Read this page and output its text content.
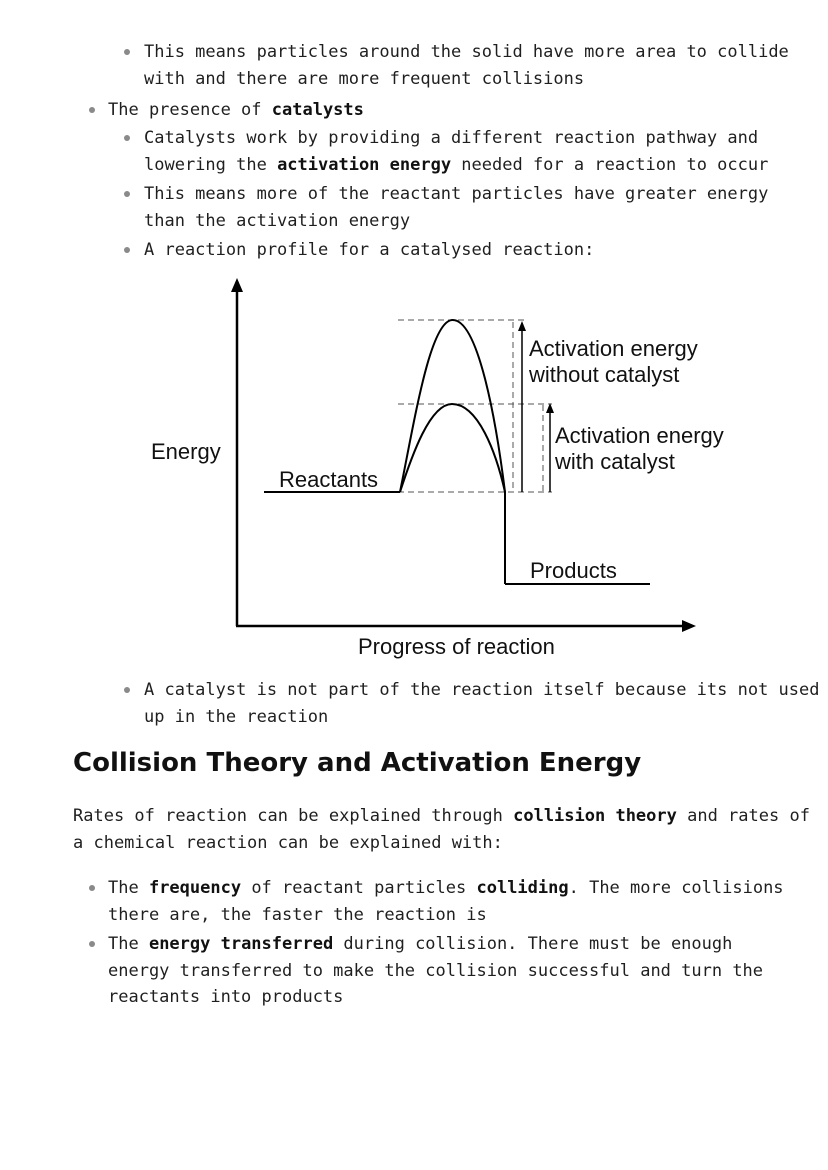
This means particles around the solid have more area to collide
with and there are more frequent collisions

The presence of catalysts

Catalysts work by providing a different reaction pathway and
lowering the activation energy needed for a reaction to occur

This means more of the reactant particles have greater energy
than the activation energy

A reaction profile for a catalysed reaction:

Energy
Progress of reaction
Reactants
Products
Activation energy
without catalyst
Activation energy
with catalyst

A catalyst is not part of the reaction itself because its not used
up in the reaction

Collision Theory and Activation Energy

Rates of reaction can be explained through collision theory and rates of
a chemical reaction can be explained with:

The frequency of reactant particles colliding. The more collisions
there are, the faster the reaction is

The energy transferred during collision. There must be enough
energy transferred to make the collision successful and turn the
reactants into products
